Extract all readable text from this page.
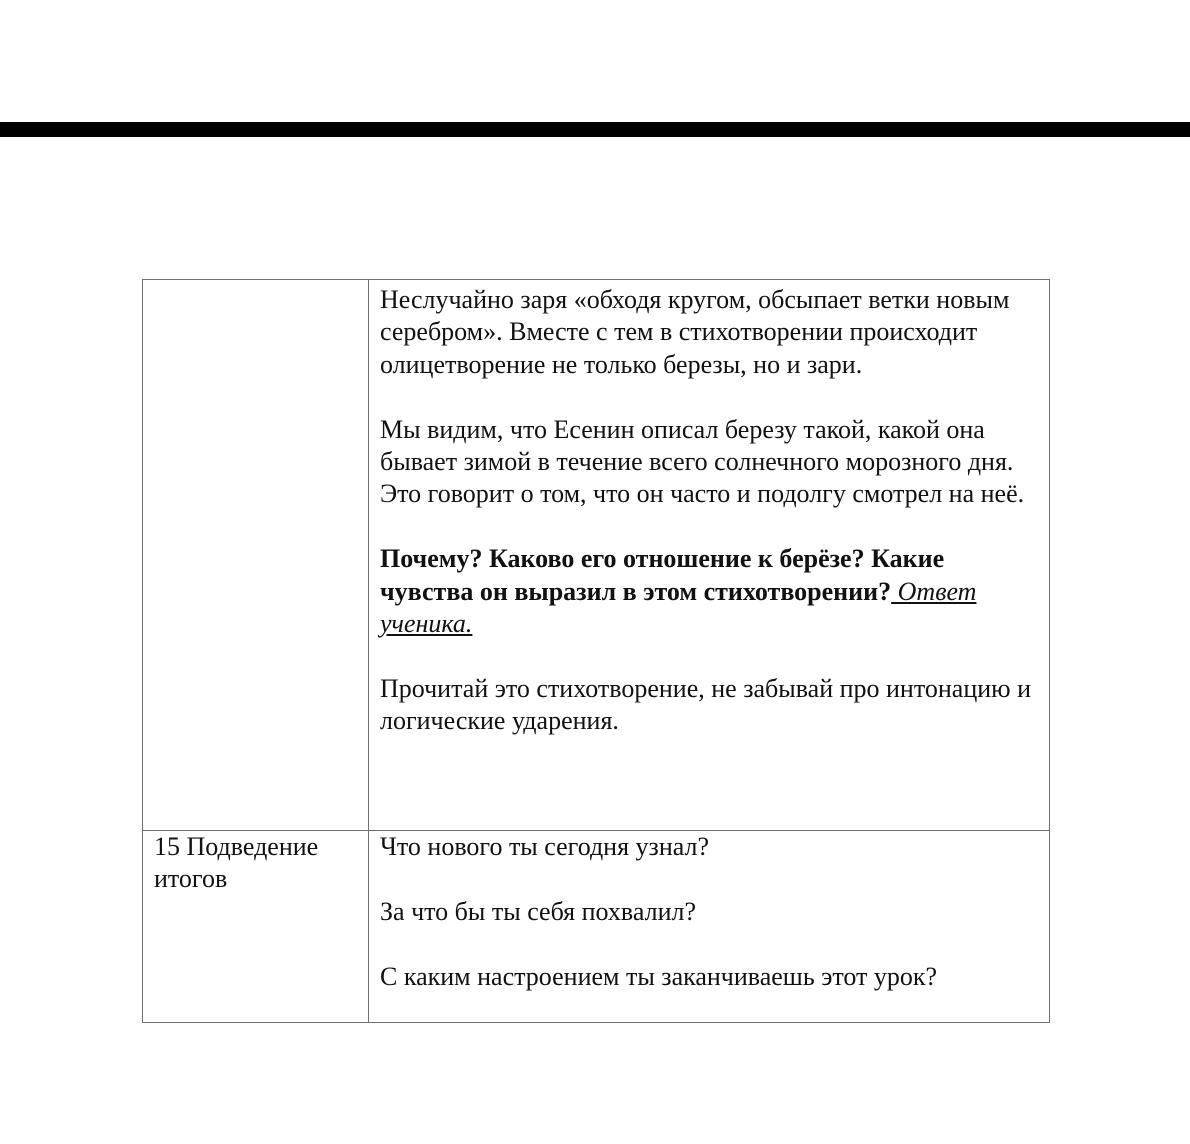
	Неслучайно заря «обходя кругом, обсыпает ветки новым серебром». Вместе с тем в стихотворении происходит олицетворение не только березы, но и зари.

Мы видим, что Есенин описал березу такой, какой она бывает зимой в течение всего солнечного морозного дня. Это говорит о том, что он часто и подолгу смотрел на неё.

Почему? Каково его отношение к берёзе? Какие чувства он выразил в этом стихотворении? Ответ ученика.

Прочитай это стихотворение, не забывай про интонацию и логические ударения.

15 Подведение итогов	Что нового ты сегодня узнал?

За что бы ты себя похвалил?

С каким настроением ты заканчиваешь этот урок?
